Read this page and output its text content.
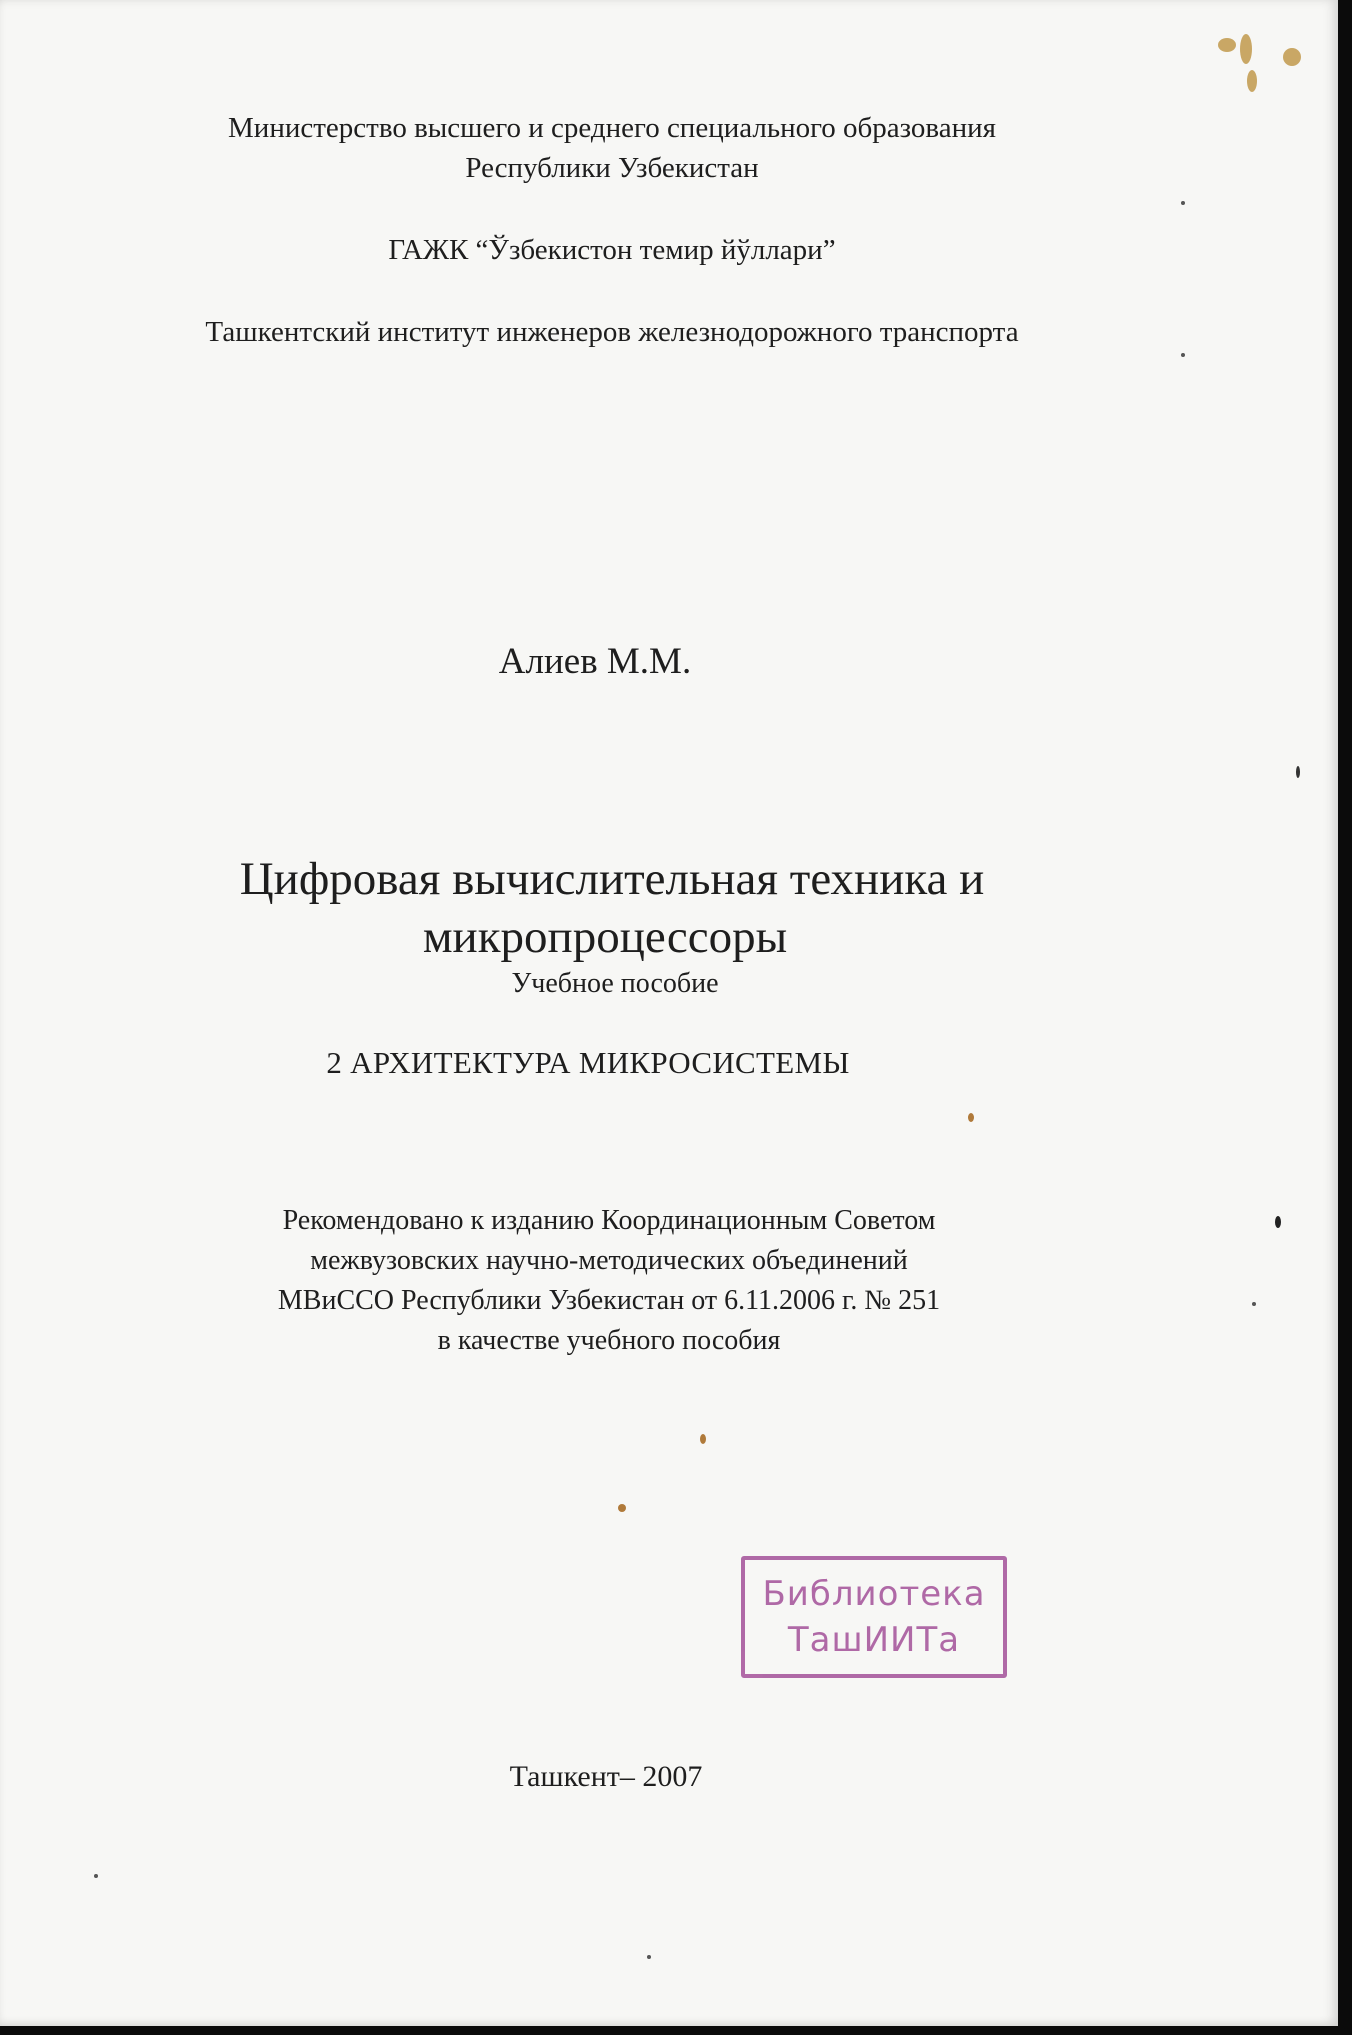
Министерство высшего и среднего специального образования
Республики Узбекистан
ГАЖК “Ўзбекистон темир йўллари”
Ташкентский институт инженеров железнодорожного транспорта
Алиев М.М.
Цифровая вычислительная техника и
микропроцессоры
Учебное пособие
2 АРХИТЕКТУРА МИКРОСИСТЕМЫ
Рекомендовано к изданию Координационным Советом
межвузовских научно-методических объединений
МВиССО Республики Узбекистан от 6.11.2006 г. № 251
в качестве учебного пособия
Библиотека
ТашИИТа
Ташкент– 2007
